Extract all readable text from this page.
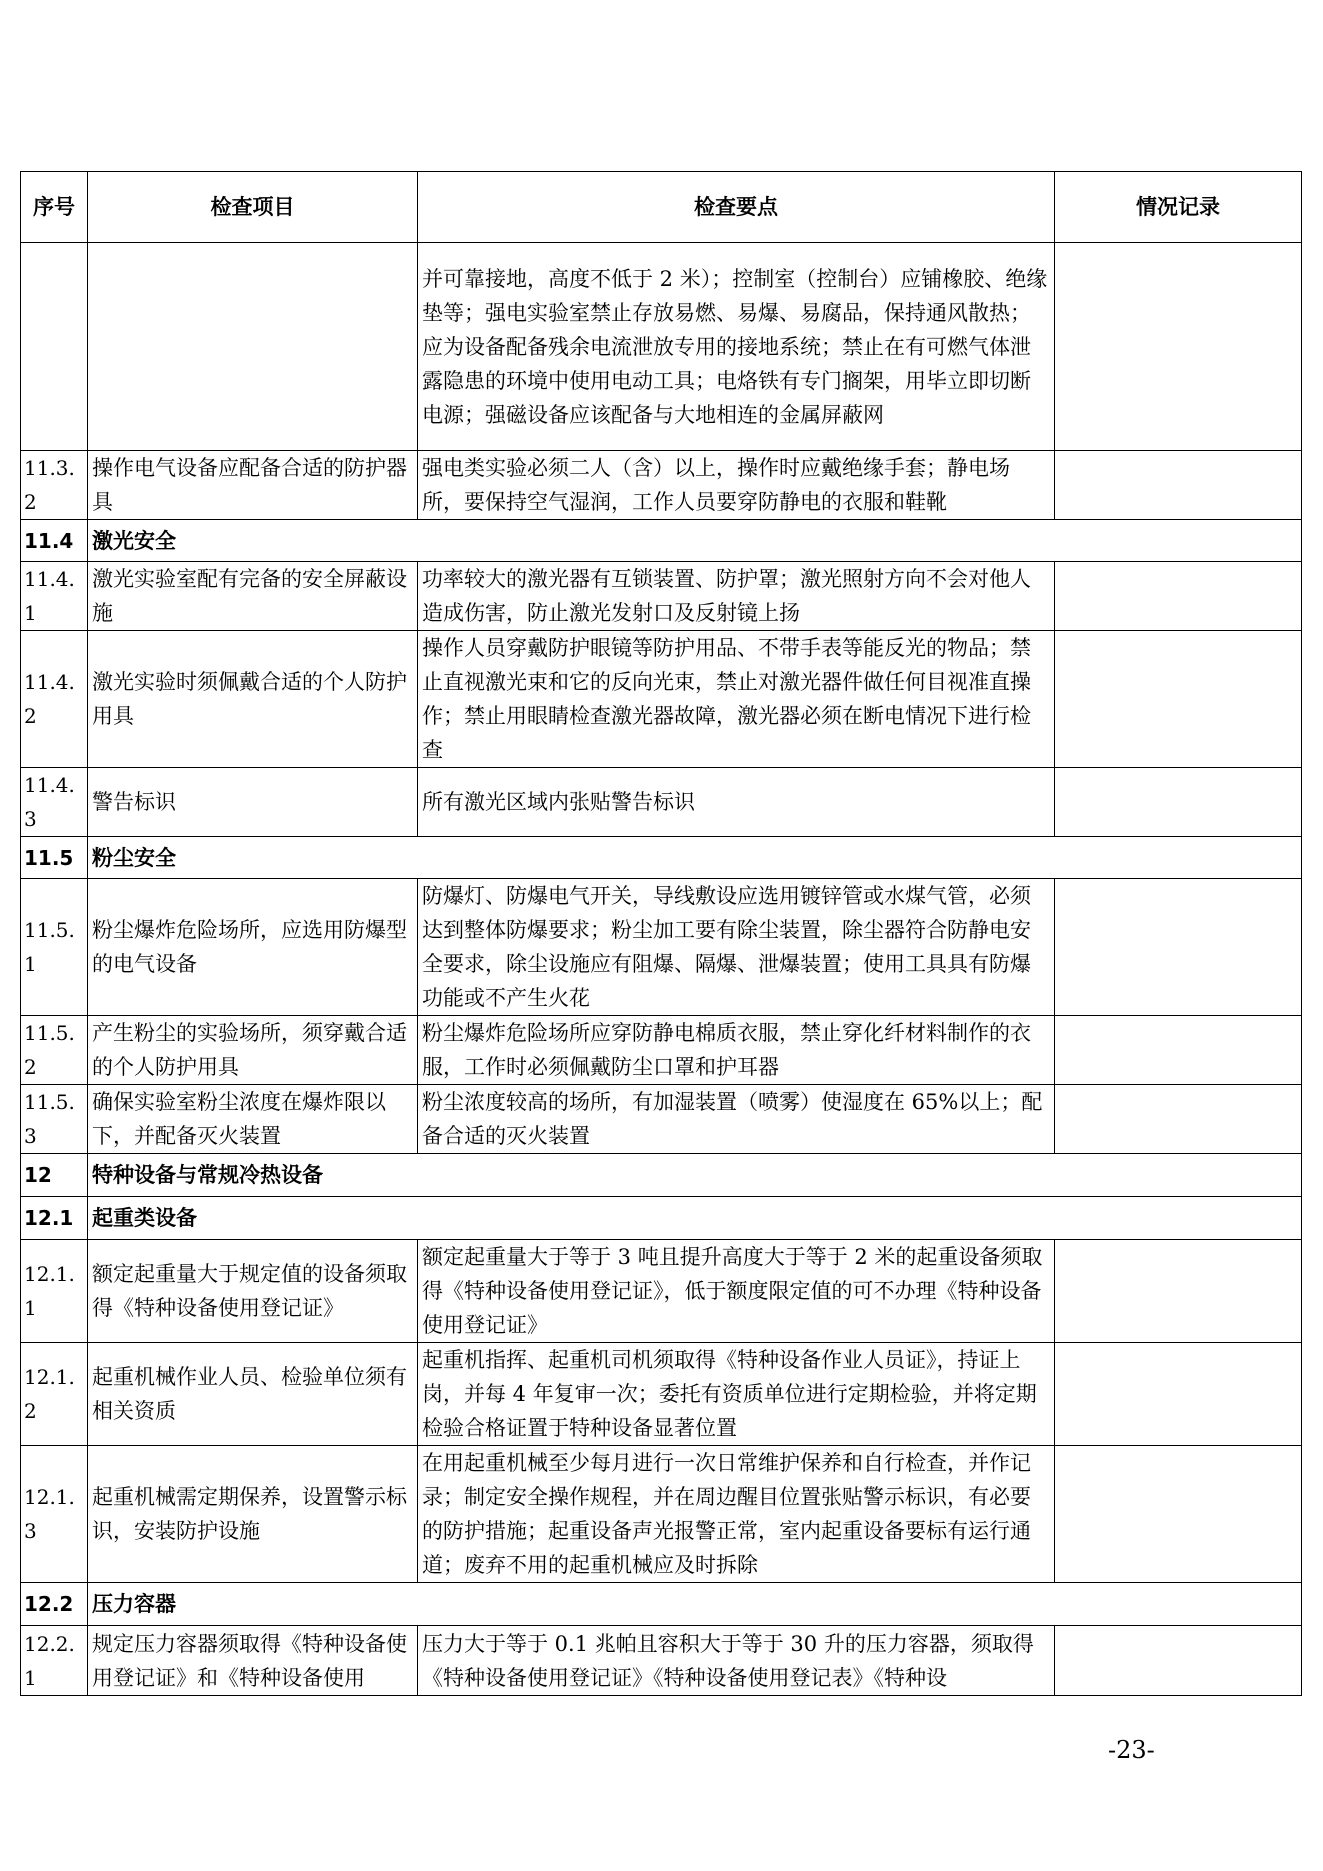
序号	检查项目	检查要点	情况记录
		并可靠接地，高度不低于 2 米）；控制室（控制台）应铺橡胶、绝缘垫等；强电实验室禁止存放易燃、易爆、易腐品，保持通风散热；应为设备配备残余电流泄放专用的接地系统；禁止在有可燃气体泄露隐患的环境中使用电动工具；电烙铁有专门搁架，用毕立即切断电源；强磁设备应该配备与大地相连的金属屏蔽网	
11.3.2	操作电气设备应配备合适的防护器具	强电类实验必须二人（含）以上，操作时应戴绝缘手套；静电场所，要保持空气湿润，工作人员要穿防静电的衣服和鞋靴	
11.4	激光安全		
11.4.1	激光实验室配有完备的安全屏蔽设施	功率较大的激光器有互锁装置、防护罩；激光照射方向不会对他人造成伤害，防止激光发射口及反射镜上扬	
11.4.2	激光实验时须佩戴合适的个人防护用具	操作人员穿戴防护眼镜等防护用品、不带手表等能反光的物品；禁止直视激光束和它的反向光束，禁止对激光器件做任何目视准直操作；禁止用眼睛检查激光器故障，激光器必须在断电情况下进行检查	
11.4.3	警告标识	所有激光区域内张贴警告标识	
11.5	粉尘安全		
11.5.1	粉尘爆炸危险场所，应选用防爆型的电气设备	防爆灯、防爆电气开关，导线敷设应选用镀锌管或水煤气管，必须达到整体防爆要求；粉尘加工要有除尘装置，除尘器符合防静电安全要求，除尘设施应有阻爆、隔爆、泄爆装置；使用工具具有防爆功能或不产生火花	
11.5.2	产生粉尘的实验场所，须穿戴合适的个人防护用具	粉尘爆炸危险场所应穿防静电棉质衣服，禁止穿化纤材料制作的衣服，工作时必须佩戴防尘口罩和护耳器	
11.5.3	确保实验室粉尘浓度在爆炸限以下，并配备灭火装置	粉尘浓度较高的场所，有加湿装置（喷雾）使湿度在 65%以上；配备合适的灭火装置	
12	特种设备与常规冷热设备		
12.1	起重类设备		
12.1.1	额定起重量大于规定值的设备须取得《特种设备使用登记证》	额定起重量大于等于 3 吨且提升高度大于等于 2 米的起重设备须取得《特种设备使用登记证》，低于额度限定值的可不办理《特种设备使用登记证》	
12.1.2	起重机械作业人员、检验单位须有相关资质	起重机指挥、起重机司机须取得《特种设备作业人员证》，持证上岗，并每 4 年复审一次；委托有资质单位进行定期检验，并将定期检验合格证置于特种设备显著位置	
12.1.3	起重机械需定期保养，设置警示标识，安装防护设施	在用起重机械至少每月进行一次日常维护保养和自行检查，并作记录；制定安全操作规程，并在周边醒目位置张贴警示标识，有必要的防护措施；起重设备声光报警正常，室内起重设备要标有运行通道；废弃不用的起重机械应及时拆除	
12.2	压力容器		
12.2.1	规定压力容器须取得《特种设备使用登记证》和《特种设备使用	压力大于等于 0.1 兆帕且容积大于等于 30 升的压力容器，须取得《特种设备使用登记证》《特种设备使用登记表》《特种设	
-23-
